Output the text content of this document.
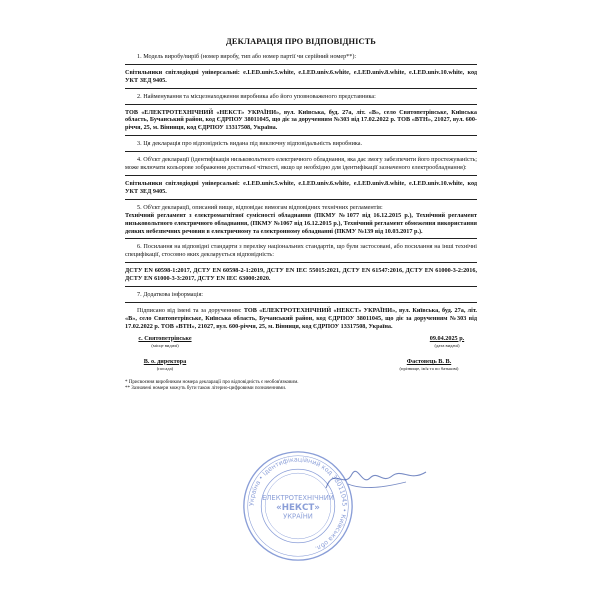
ДЕКЛАРАЦІЯ ПРО ВІДПОВІДНІСТЬ
1. Модель виробу/виріб (номер виробу, тип або номер партії чи серійний номер**):
Світильники світлодіодні універсальні: e.LED.univ.5.white, e.LED.univ.6.white, e.LED.univ.8.white, e.LED.univ.10.white, код УКТ ЗЕД 9405.
2. Найменування та місцезнаходження виробника або його уповноваженого представника:
ТОВ «ЕЛЕКТРОТЕХНІЧНИЙ «НЕКСТ» УКРАЇНИ», вул. Київська, буд. 27а, літ. «В», село Святопетрівське, Київська область, Бучанський район, код ЄДРПОУ 38011045, що діє за дорученням №303 від 17.02.2022 р. ТОВ «ВТН», 21027, вул. 600-річчя, 25, м. Вінниця, код ЄДРПОУ 13317508, Україна.
3. Ця декларація про відповідність видана під виключну відповідальність виробника.
4. Об'єкт декларації (ідентифікація низьковольтного електричного обладнання, яка дає змогу забезпечити його простежуваність; може включати кольорове зображення достатньої чіткості, якщо це необхідно для ідентифікації зазначеного електрообладнання):
Світильники світлодіодні універсальні: e.LED.univ.5.white, e.LED.univ.6.white, e.LED.univ.8.white, e.LED.univ.10.white, код УКТ ЗЕД 9405.
5. Об'єкт декларації, описаний вище, відповідає вимогам відповідних технічних регламентів:
Технічний регламент з електромагнітної сумісності обладнання (ПКМУ №1077 від 16.12.2015 р.), Технічний регламент низьковольтного електричного обладнання, (ПКМУ №1067 від 16.12.2015 р.), Технічний регламент обмеження використання деяких небезпечних речовин в електричному та електронному обладнанні (ПКМУ №139 від 10.03.2017 р.).
6. Посилання на відповідні стандарти з переліку національних стандартів, що були застосовані, або посилання на інші технічні специфікації, стосовно яких декларується відповідність:
ДСТУ EN 60598-1:2017, ДСТУ EN 60598-2-1:2019, ДСТУ EN IEC 55015:2021, ДСТУ EN 61547:2016, ДСТУ EN 61000-3-2:2016, ДСТУ EN 61000-3-3:2017, ДСТУ EN IEC 63000:2020.
7. Додаткова інформація:
Підписано від імені та за дорученням: ТОВ «ЕЛЕКТРОТЕХНІЧНИЙ «НЕКСТ» УКРАЇНИ», вул. Київська, буд. 27а, літ. «В», село Святопетрівське, Київська область, Бучанський район, код ЄДРПОУ 38011045, що діє за дорученням №303 від 17.02.2022 р. ТОВ «ВТН», 21027, вул. 600-річчя, 25, м. Вінниця, код ЄДРПОУ 13317508, Україна.
с. Святопетрівське
(місце видачі)
09.04.2025 р.
(дата видачі)
В. о. директора
(посада)
Фастовець В. В.
(прізвище, ім'я та по батькові)
* Присвоєння виробником номера декларації про відповідність є необов'язковим.
** Зазначені номери можуть бути також літерно-цифровими позначеннями.
Україна • Ідентифікаційний код 38011045 • Київська обл.
ЕЛЕКТРОТЕХНІЧНИЙ
«НЕКСТ»
УКРАЇНИ
